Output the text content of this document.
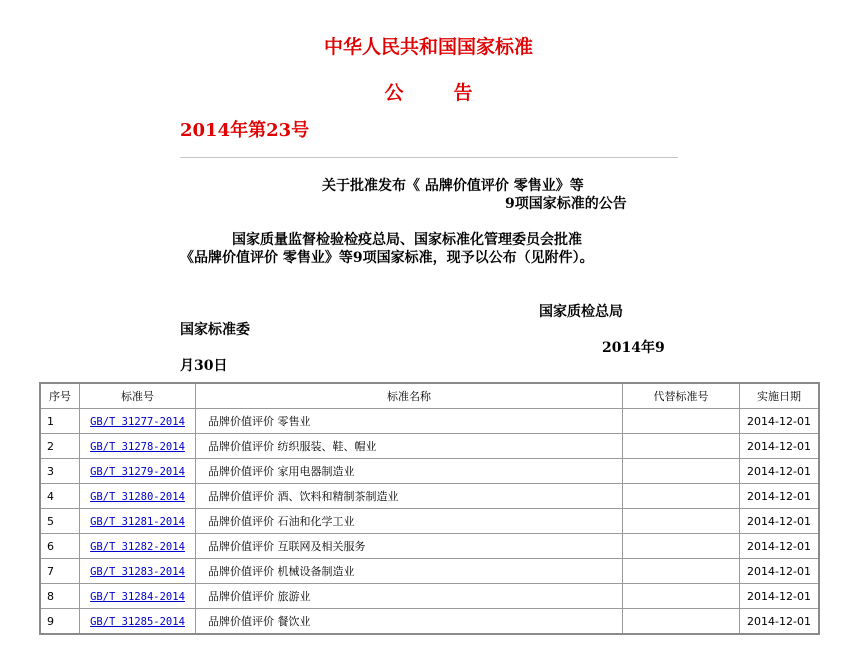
中华人民共和国国家标准
公	告
2014年第23号
关于批准发布《 品牌价值评价 零售业》等
9项国家标准的公告
国家质量监督检验检疫总局、国家标准化管理委员会批准
《品牌价值评价 零售业》等9项国家标准，现予以公布（见附件）。
国家质检总局
国家标准委
2014年9
月30日
序号	标准号	标准名称	代替标准号	实施日期
1	GB/T 31277-2014	品牌价值评价 零售业		2014-12-01
2	GB/T 31278-2014	品牌价值评价 纺织服装、鞋、帽业		2014-12-01
3	GB/T 31279-2014	品牌价值评价 家用电器制造业		2014-12-01
4	GB/T 31280-2014	品牌价值评价 酒、饮料和精制茶制造业		2014-12-01
5	GB/T 31281-2014	品牌价值评价 石油和化学工业		2014-12-01
6	GB/T 31282-2014	品牌价值评价 互联网及相关服务		2014-12-01
7	GB/T 31283-2014	品牌价值评价 机械设备制造业		2014-12-01
8	GB/T 31284-2014	品牌价值评价 旅游业		2014-12-01
9	GB/T 31285-2014	品牌价值评价 餐饮业		2014-12-01
